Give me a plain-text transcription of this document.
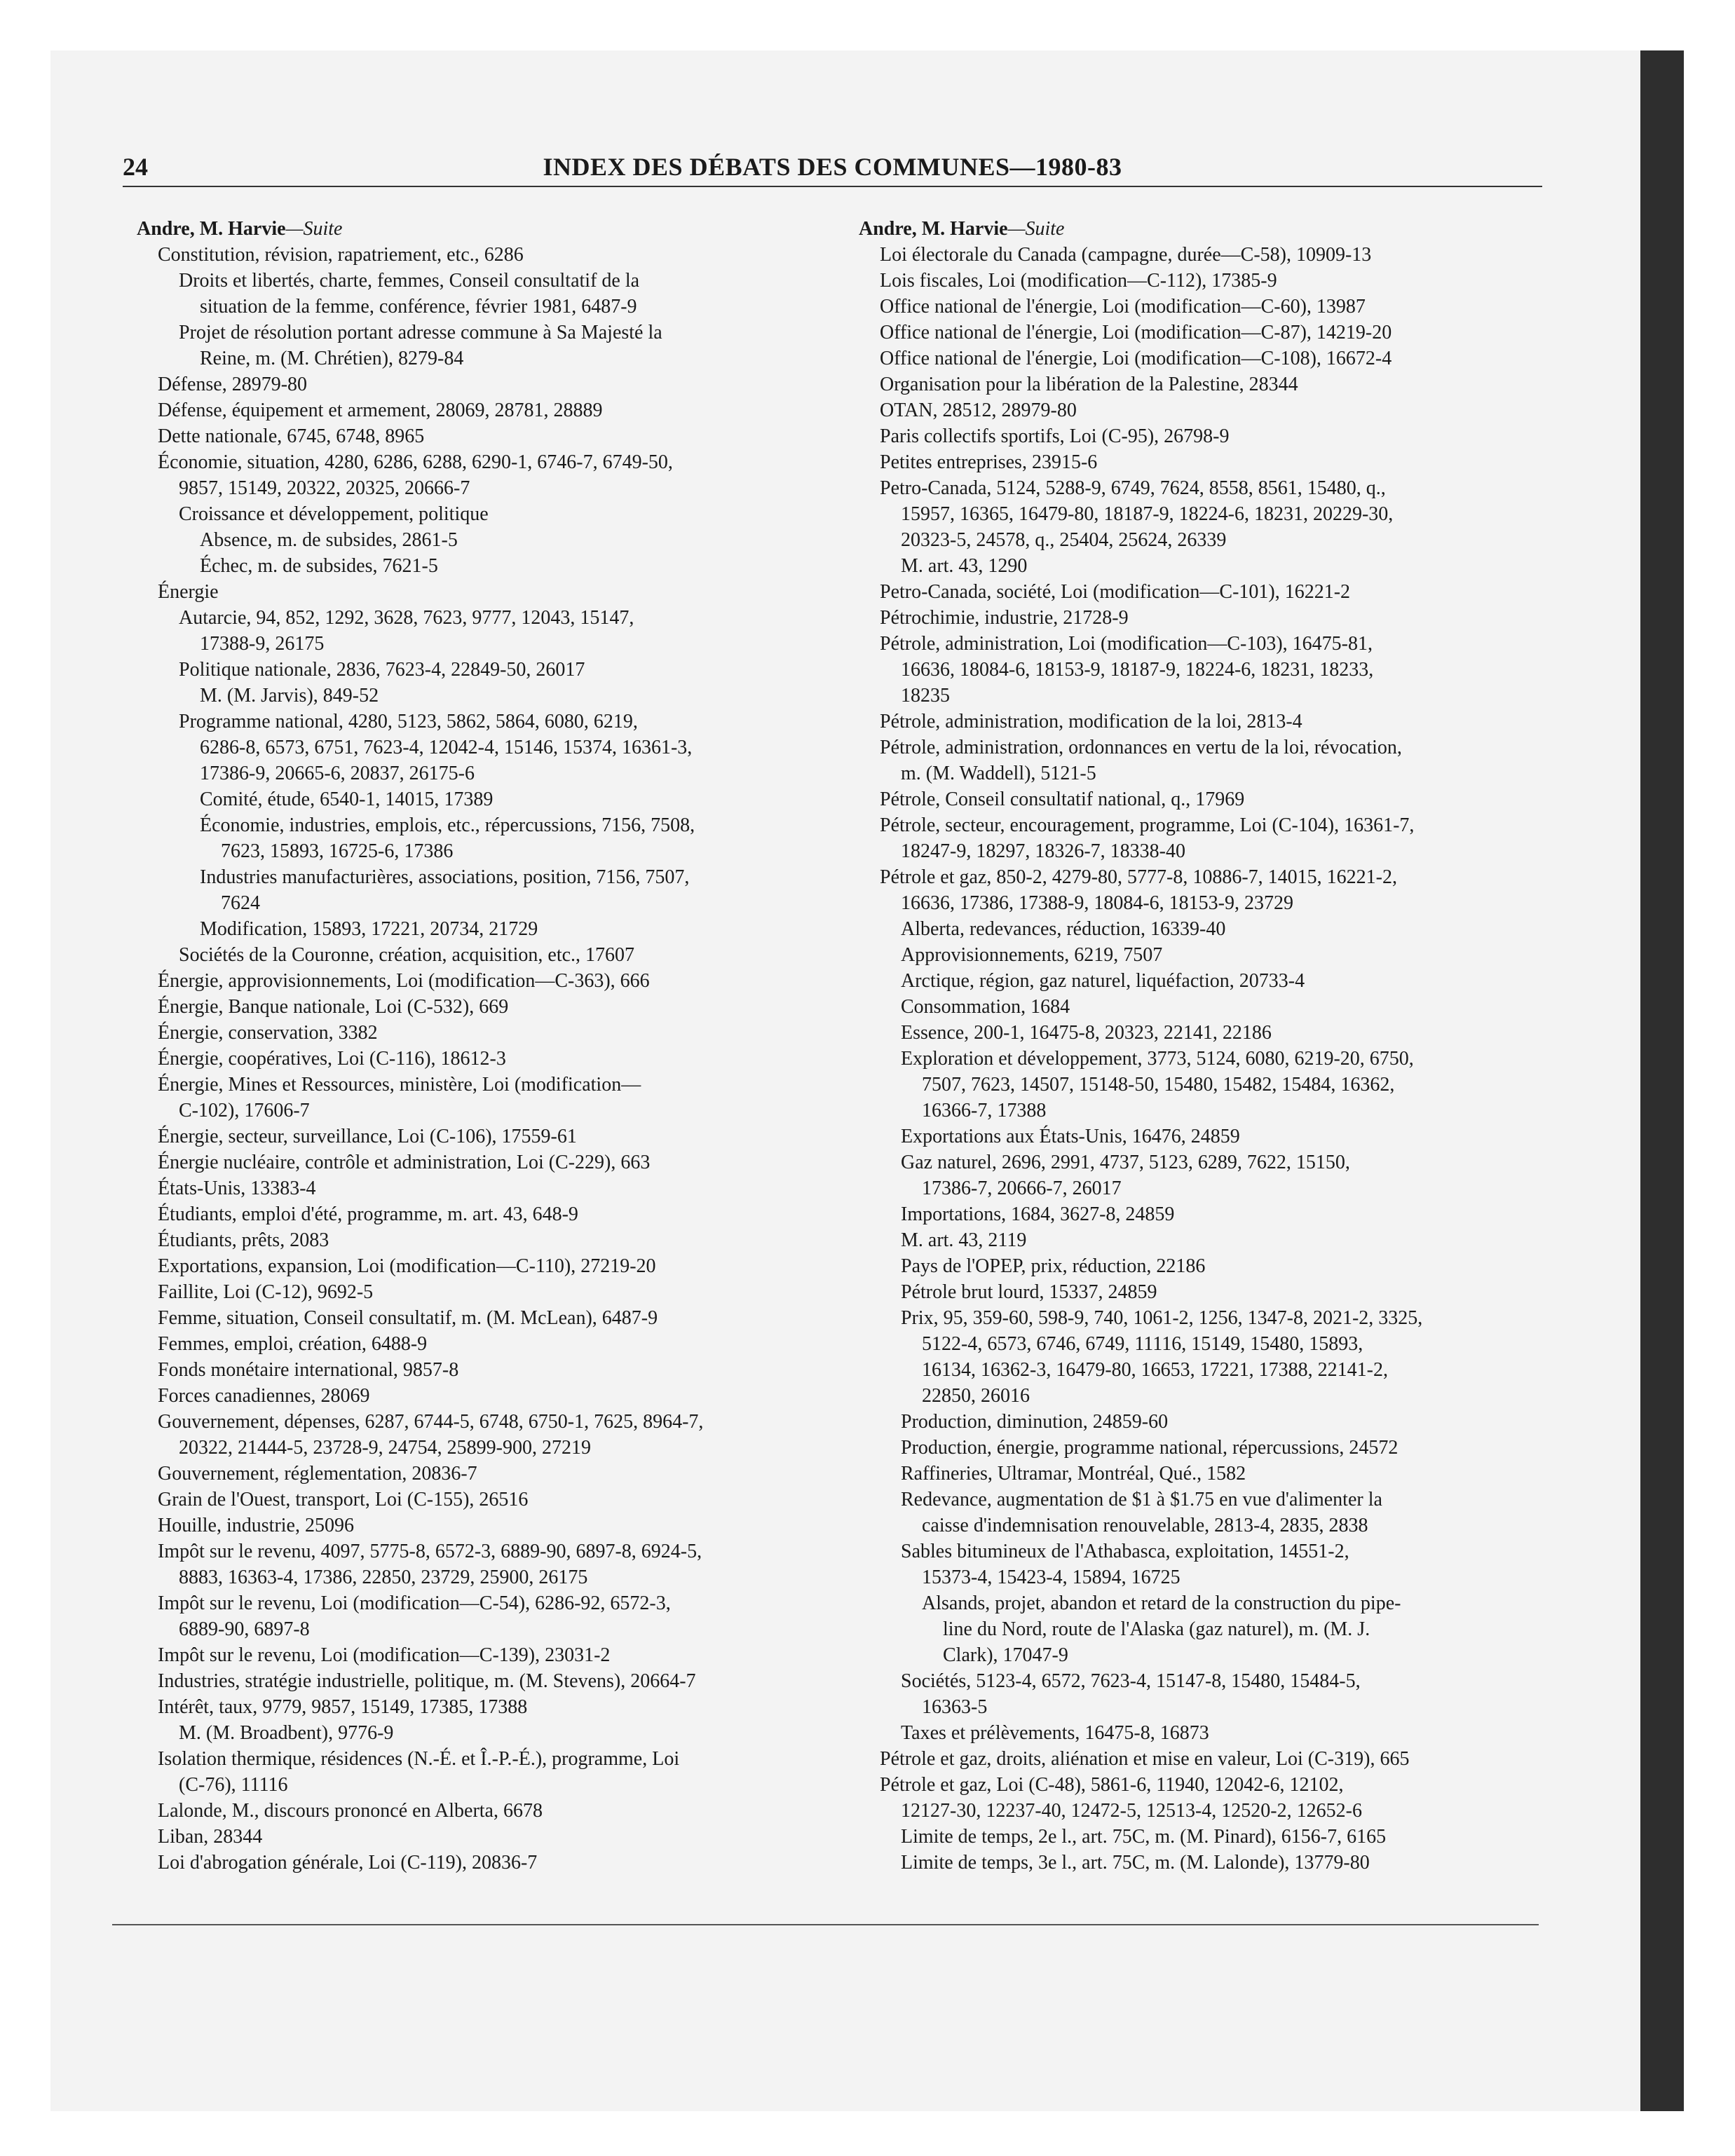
24	INDEX DES DÉBATS DES COMMUNES—1980-83

Andre, M. Harvie—Suite

Constitution, révision, rapatriement, etc., 6286

Droits et libertés, charte, femmes, Conseil consultatif de la

situation de la femme, conférence, février 1981, 6487-9

Projet de résolution portant adresse commune à Sa Majesté la

Reine, m. (M. Chrétien), 8279-84

Défense, 28979-80

Défense, équipement et armement, 28069, 28781, 28889

Dette nationale, 6745, 6748, 8965

Économie, situation, 4280, 6286, 6288, 6290-1, 6746-7, 6749-50,

9857, 15149, 20322, 20325, 20666-7

Croissance et développement, politique

Absence, m. de subsides, 2861-5

Échec, m. de subsides, 7621-5

Énergie

Autarcie, 94, 852, 1292, 3628, 7623, 9777, 12043, 15147,

17388-9, 26175

Politique nationale, 2836, 7623-4, 22849-50, 26017

M. (M. Jarvis), 849-52

Programme national, 4280, 5123, 5862, 5864, 6080, 6219,

6286-8, 6573, 6751, 7623-4, 12042-4, 15146, 15374, 16361-3,

17386-9, 20665-6, 20837, 26175-6

Comité, étude, 6540-1, 14015, 17389

Économie, industries, emplois, etc., répercussions, 7156, 7508,

7623, 15893, 16725-6, 17386

Industries manufacturières, associations, position, 7156, 7507,

7624

Modification, 15893, 17221, 20734, 21729

Sociétés de la Couronne, création, acquisition, etc., 17607

Énergie, approvisionnements, Loi (modification—C-363), 666

Énergie, Banque nationale, Loi (C-532), 669

Énergie, conservation, 3382

Énergie, coopératives, Loi (C-116), 18612-3

Énergie, Mines et Ressources, ministère, Loi (modification—

C-102), 17606-7

Énergie, secteur, surveillance, Loi (C-106), 17559-61

Énergie nucléaire, contrôle et administration, Loi (C-229), 663

États-Unis, 13383-4

Étudiants, emploi d'été, programme, m. art. 43, 648-9

Étudiants, prêts, 2083

Exportations, expansion, Loi (modification—C-110), 27219-20

Faillite, Loi (C-12), 9692-5

Femme, situation, Conseil consultatif, m. (M. McLean), 6487-9

Femmes, emploi, création, 6488-9

Fonds monétaire international, 9857-8

Forces canadiennes, 28069

Gouvernement, dépenses, 6287, 6744-5, 6748, 6750-1, 7625, 8964-7,

20322, 21444-5, 23728-9, 24754, 25899-900, 27219

Gouvernement, réglementation, 20836-7

Grain de l'Ouest, transport, Loi (C-155), 26516

Houille, industrie, 25096

Impôt sur le revenu, 4097, 5775-8, 6572-3, 6889-90, 6897-8, 6924-5,

8883, 16363-4, 17386, 22850, 23729, 25900, 26175

Impôt sur le revenu, Loi (modification—C-54), 6286-92, 6572-3,

6889-90, 6897-8

Impôt sur le revenu, Loi (modification—C-139), 23031-2

Industries, stratégie industrielle, politique, m. (M. Stevens), 20664-7

Intérêt, taux, 9779, 9857, 15149, 17385, 17388

M. (M. Broadbent), 9776-9

Isolation thermique, résidences (N.-É. et Î.-P.-É.), programme, Loi

(C-76), 11116

Lalonde, M., discours prononcé en Alberta, 6678

Liban, 28344

Loi d'abrogation générale, Loi (C-119), 20836-7

Andre, M. Harvie—Suite

Loi électorale du Canada (campagne, durée—C-58), 10909-13

Lois fiscales, Loi (modification—C-112), 17385-9

Office national de l'énergie, Loi (modification—C-60), 13987

Office national de l'énergie, Loi (modification—C-87), 14219-20

Office national de l'énergie, Loi (modification—C-108), 16672-4

Organisation pour la libération de la Palestine, 28344

OTAN, 28512, 28979-80

Paris collectifs sportifs, Loi (C-95), 26798-9

Petites entreprises, 23915-6

Petro-Canada, 5124, 5288-9, 6749, 7624, 8558, 8561, 15480, q.,

15957, 16365, 16479-80, 18187-9, 18224-6, 18231, 20229-30,

20323-5, 24578, q., 25404, 25624, 26339

M. art. 43, 1290

Petro-Canada, société, Loi (modification—C-101), 16221-2

Pétrochimie, industrie, 21728-9

Pétrole, administration, Loi (modification—C-103), 16475-81,

16636, 18084-6, 18153-9, 18187-9, 18224-6, 18231, 18233,

18235

Pétrole, administration, modification de la loi, 2813-4

Pétrole, administration, ordonnances en vertu de la loi, révocation,

m. (M. Waddell), 5121-5

Pétrole, Conseil consultatif national, q., 17969

Pétrole, secteur, encouragement, programme, Loi (C-104), 16361-7,

18247-9, 18297, 18326-7, 18338-40

Pétrole et gaz, 850-2, 4279-80, 5777-8, 10886-7, 14015, 16221-2,

16636, 17386, 17388-9, 18084-6, 18153-9, 23729

Alberta, redevances, réduction, 16339-40

Approvisionnements, 6219, 7507

Arctique, région, gaz naturel, liquéfaction, 20733-4

Consommation, 1684

Essence, 200-1, 16475-8, 20323, 22141, 22186

Exploration et développement, 3773, 5124, 6080, 6219-20, 6750,

7507, 7623, 14507, 15148-50, 15480, 15482, 15484, 16362,

16366-7, 17388

Exportations aux États-Unis, 16476, 24859

Gaz naturel, 2696, 2991, 4737, 5123, 6289, 7622, 15150,

17386-7, 20666-7, 26017

Importations, 1684, 3627-8, 24859

M. art. 43, 2119

Pays de l'OPEP, prix, réduction, 22186

Pétrole brut lourd, 15337, 24859

Prix, 95, 359-60, 598-9, 740, 1061-2, 1256, 1347-8, 2021-2, 3325,

5122-4, 6573, 6746, 6749, 11116, 15149, 15480, 15893,

16134, 16362-3, 16479-80, 16653, 17221, 17388, 22141-2,

22850, 26016

Production, diminution, 24859-60

Production, énergie, programme national, répercussions, 24572

Raffineries, Ultramar, Montréal, Qué., 1582

Redevance, augmentation de $1 à $1.75 en vue d'alimenter la

caisse d'indemnisation renouvelable, 2813-4, 2835, 2838

Sables bitumineux de l'Athabasca, exploitation, 14551-2,

15373-4, 15423-4, 15894, 16725

Alsands, projet, abandon et retard de la construction du pipe-

line du Nord, route de l'Alaska (gaz naturel), m. (M. J.

Clark), 17047-9

Sociétés, 5123-4, 6572, 7623-4, 15147-8, 15480, 15484-5,

16363-5

Taxes et prélèvements, 16475-8, 16873

Pétrole et gaz, droits, aliénation et mise en valeur, Loi (C-319), 665

Pétrole et gaz, Loi (C-48), 5861-6, 11940, 12042-6, 12102,

12127-30, 12237-40, 12472-5, 12513-4, 12520-2, 12652-6

Limite de temps, 2e l., art. 75C, m. (M. Pinard), 6156-7, 6165

Limite de temps, 3e l., art. 75C, m. (M. Lalonde), 13779-80
